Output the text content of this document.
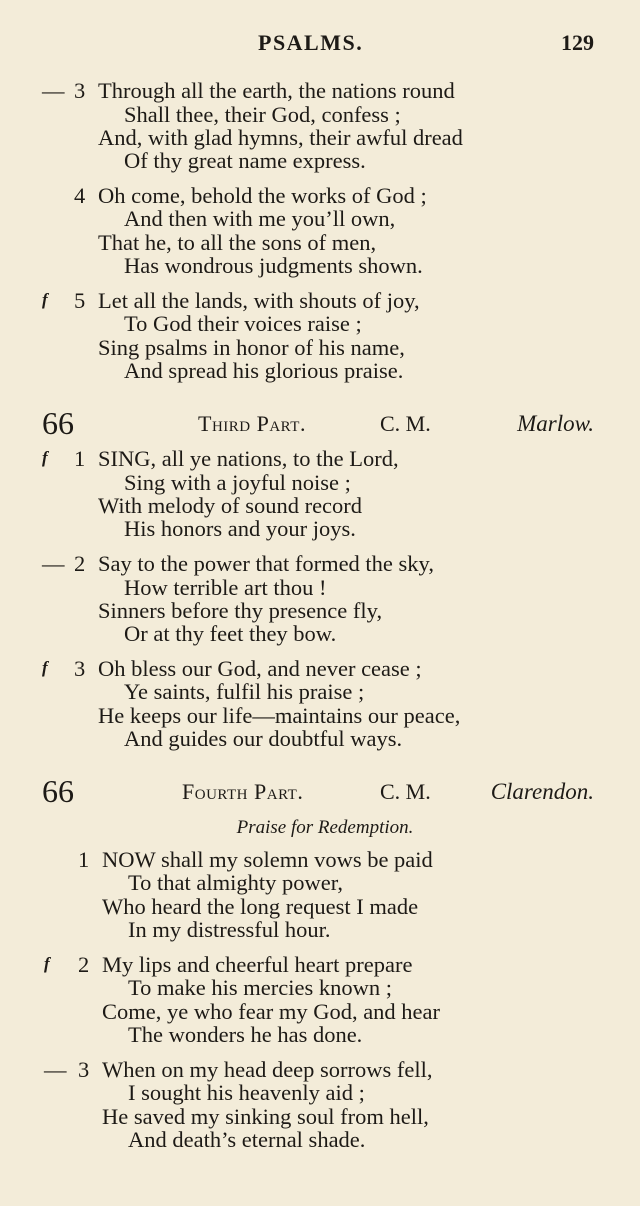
PSALMS.	129
— 3 Through all the earth, the nations round
Shall thee, their God, confess ;
And, with glad hymns, their awful dread
Of thy great name express.
4 Oh come, behold the works of God ;
And then with me you’ll own,
That he, to all the sons of men,
Has wondrous judgments shown.
f 5 Let all the lands, with shouts of joy,
To God their voices raise ;
Sing psalms in honor of his name,
And spread his glorious praise.
66	Third Part.	C. M.	Marlow.
f 1 SING, all ye nations, to the Lord,
Sing with a joyful noise ;
With melody of sound record
His honors and your joys.
— 2 Say to the power that formed the sky,
How terrible art thou !
Sinners before thy presence fly,
Or at thy feet they bow.
f 3 Oh bless our God, and never cease ;
Ye saints, fulfil his praise ;
He keeps our life—maintains our peace,
And guides our doubtful ways.
66	Fourth Part.	C. M.	Clarendon.
Praise for Redemption.
1 NOW shall my solemn vows be paid
To that almighty power,
Who heard the long request I made
In my distressful hour.
f 2 My lips and cheerful heart prepare
To make his mercies known ;
Come, ye who fear my God, and hear
The wonders he has done.
— 3 When on my head deep sorrows fell,
I sought his heavenly aid ;
He saved my sinking soul from hell,
And death’s eternal shade.
